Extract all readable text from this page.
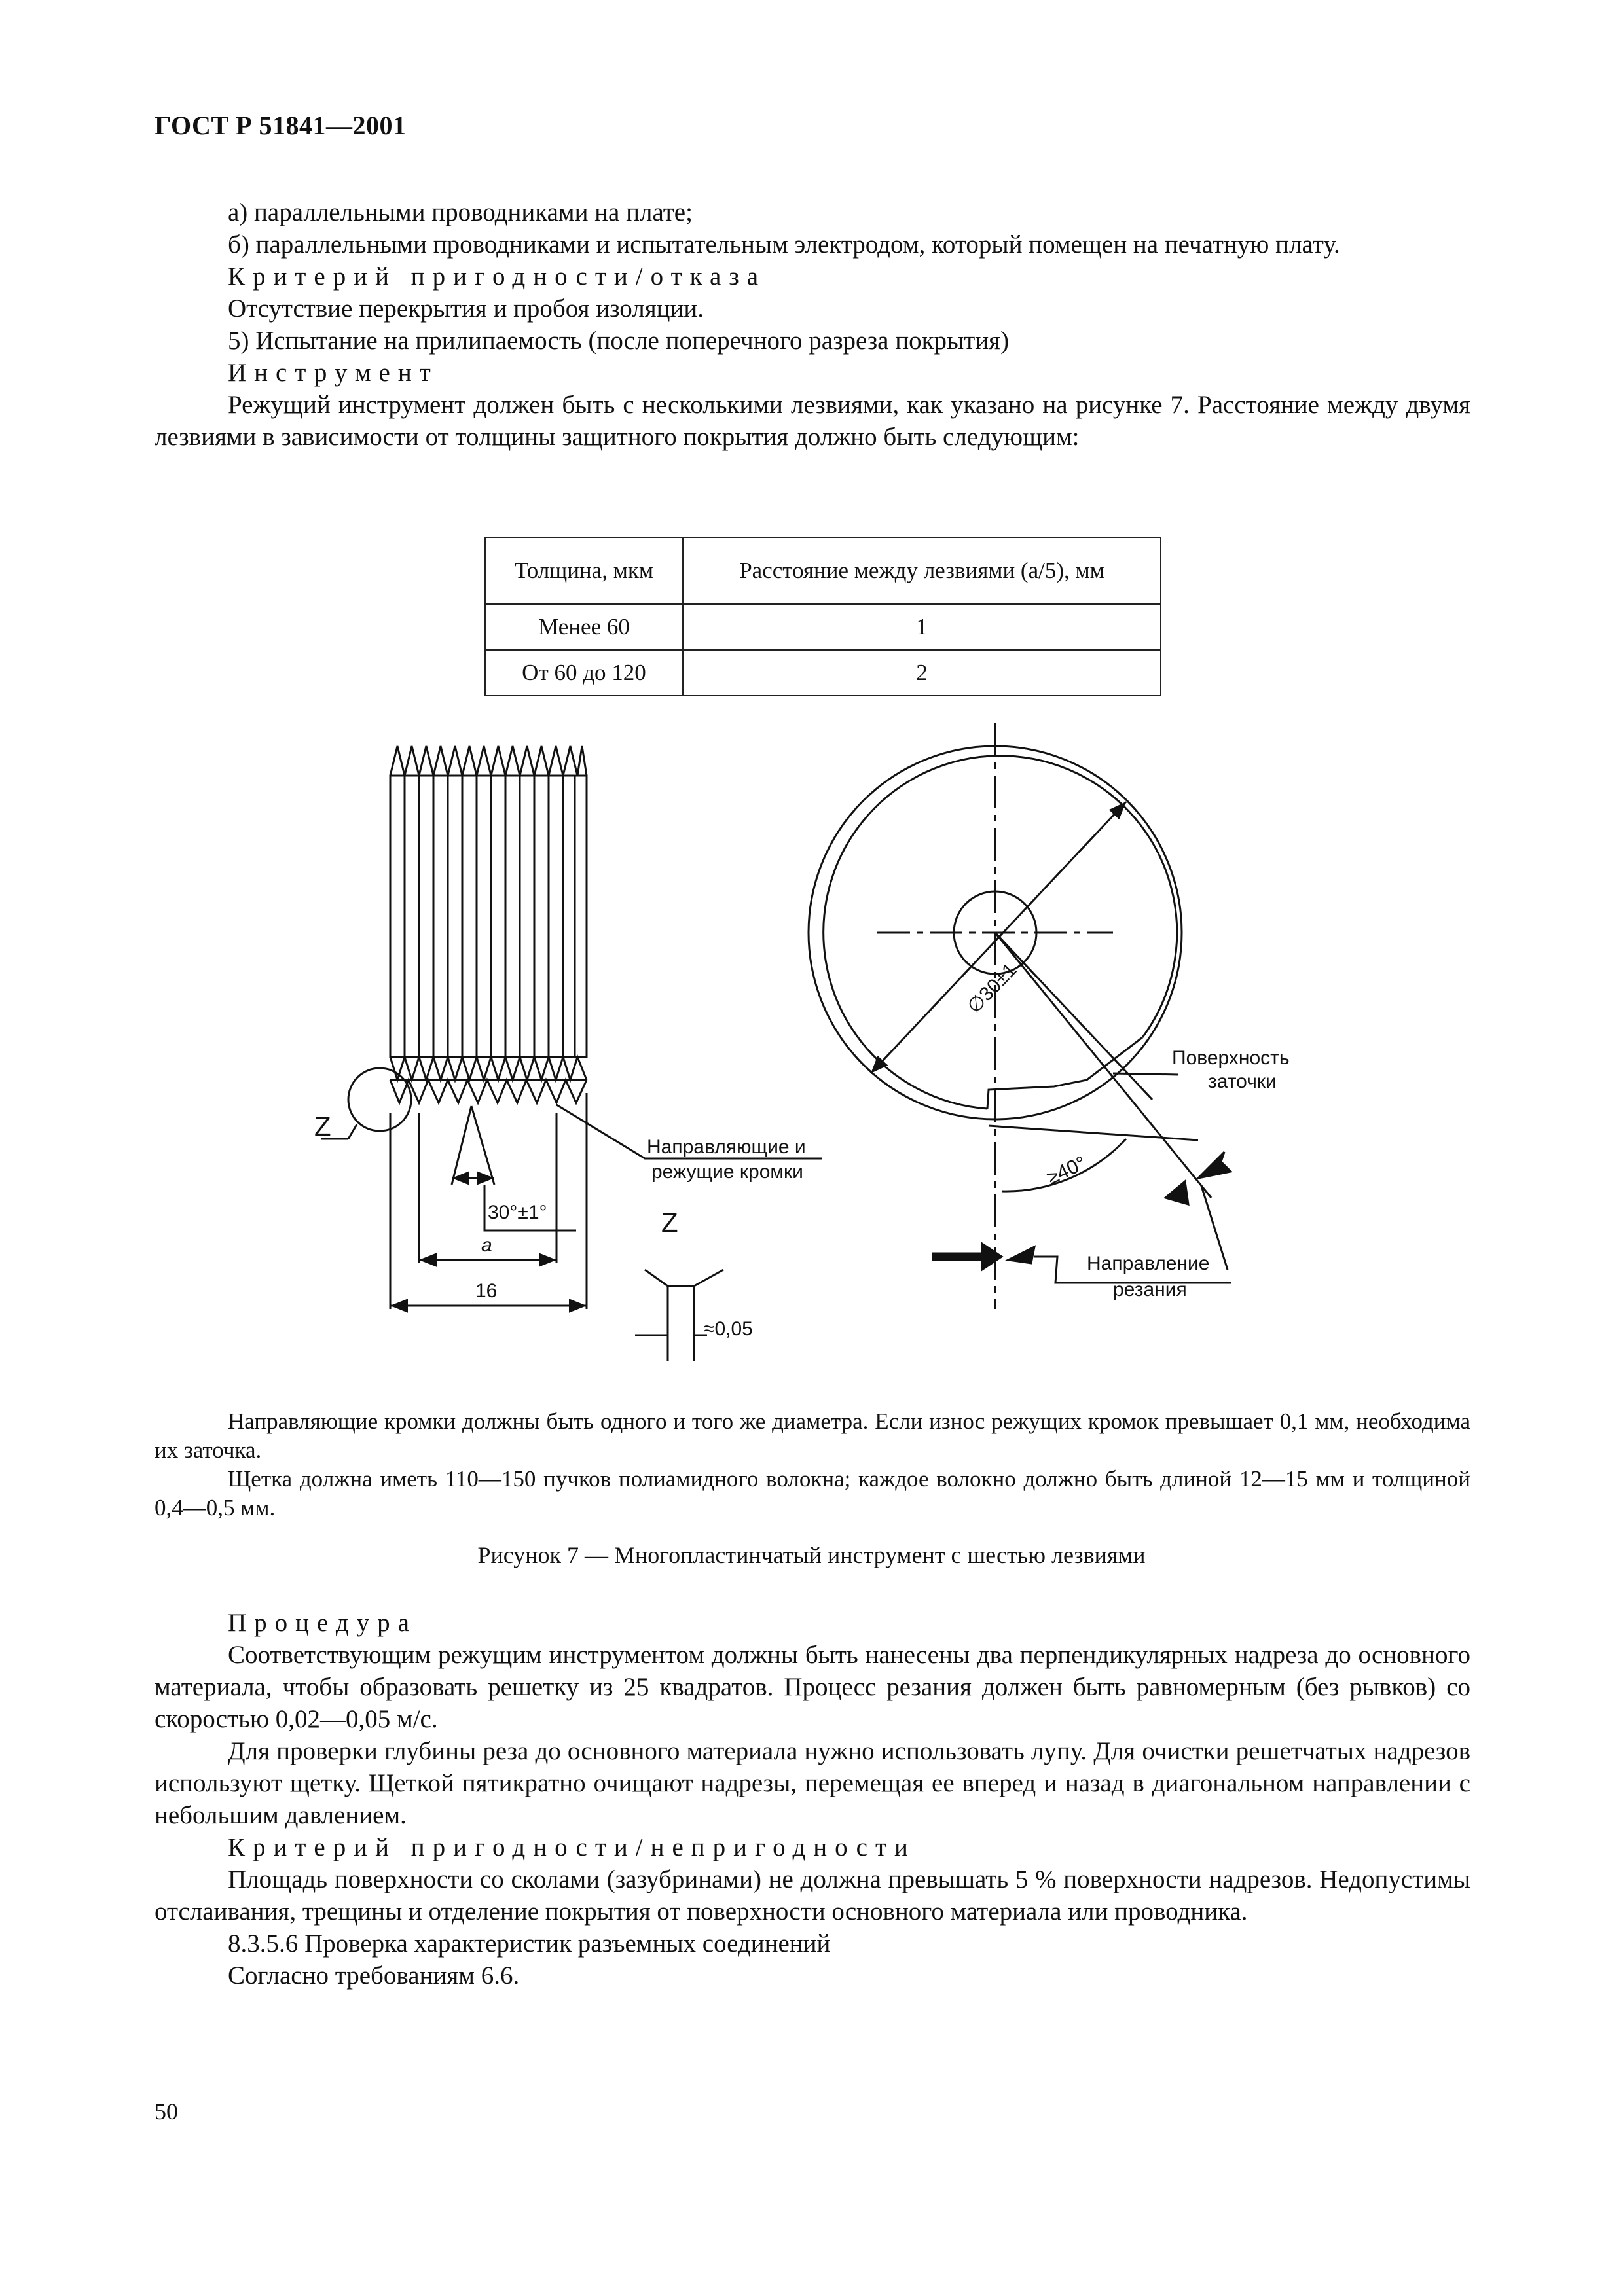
ГОСТ Р 51841—2001

а) параллельными проводниками на плате;

б) параллельными проводниками и испытательным электродом, который помещен на печатную плату.

Критерий пригодности/отказа

Отсутствие перекрытия и пробоя изоляции.

5) Испытание на прилипаемость (после поперечного разреза покрытия)

Инструмент

Режущий инструмент должен быть с несколькими лезвиями, как указано на рисунке 7. Расстояние между двумя лезвиями в зависимости от толщины защитного покрытия должно быть следующим:

Толщина, мкм	Расстояние между лезвиями (a/5), мм
Менее 60	1
От 60 до 120	2
Z
30°±1°
a
16
Направляющие и
режущие кромки
Z
≈0,05
∅30±1
Поверхность
заточки
≥40°
Направление
резания

Направляющие кромки должны быть одного и того же диаметра. Если износ режущих кромок превышает 0,1 мм, необходима их заточка.

Щетка должна иметь 110—150 пучков полиамидного волокна; каждое волокно должно быть длиной 12—15 мм и толщиной 0,4—0,5 мм.

Рисунок 7 — Многопластинчатый инструмент с шестью лезвиями

Процедура

Соответствующим режущим инструментом должны быть нанесены два перпендикулярных надреза до основного материала, чтобы образовать решетку из 25 квадратов. Процесс резания должен быть равномерным (без рывков) со скоростью 0,02—0,05 м/с.

Для проверки глубины реза до основного материала нужно использовать лупу. Для очистки решетчатых надрезов используют щетку. Щеткой пятикратно очищают надрезы, перемещая ее вперед и назад в диагональном направлении с небольшим давлением.

Критерий пригодности/непригодности

Площадь поверхности со сколами (зазубринами) не должна превышать 5 % поверхности надрезов. Недопустимы отслаивания, трещины и отделение покрытия от поверхности основного материала или проводника.

8.3.5.6 Проверка характеристик разъемных соединений

Согласно требованиям 6.6.

50
